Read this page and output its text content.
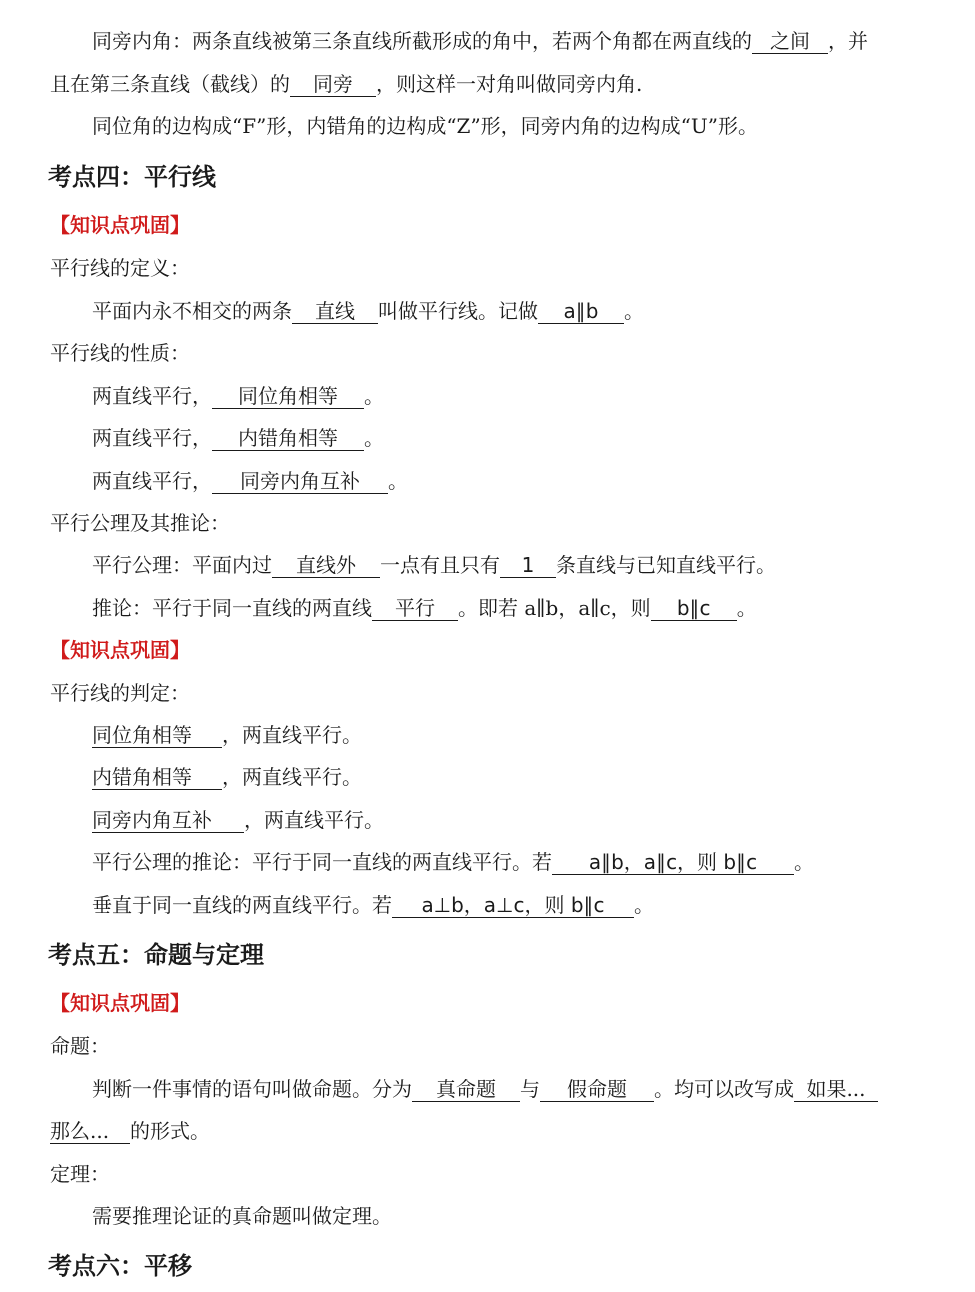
同旁内角：两条直线被第三条直线所截形成的角中，若两个角都在两直线的 之间 ，并
且在第三条直线（截线）的 同旁 ，则这样一对角叫做同旁内角.
同位角的边构成“F”形，内错角的边构成“Z”形，同旁内角的边构成“U”形。
考点四：平行线
【知识点巩固】
平行线的定义：
平面内永不相交的两条 直线 叫做平行线。记做 a∥b 。
平行线的性质：
两直线平行， 同位角相等 。
两直线平行， 内错角相等 。
两直线平行， 同旁内角互补 。
平行公理及其推论：
平行公理：平面内过 直线外 一点有且只有 1 条直线与已知直线平行。
推论：平行于同一直线的两直线 平行 。即若 a∥b，a∥c，则 b∥c 。
【知识点巩固】
平行线的判定：
同位角相等 ，两直线平行。
内错角相等 ，两直线平行。
同旁内角互补 ，两直线平行。
平行公理的推论：平行于同一直线的两直线平行。若 a∥b，a∥c，则 b∥c 。
垂直于同一直线的两直线平行。若 a⊥b，a⊥c，则 b∥c 。
考点五：命题与定理
【知识点巩固】
命题：
判断一件事情的语句叫做命题。分为 真命题 与 假命题 。均可以改写成 如果...
那么... 的形式。
定理：
需要推理论证的真命题叫做定理。
考点六：平移
